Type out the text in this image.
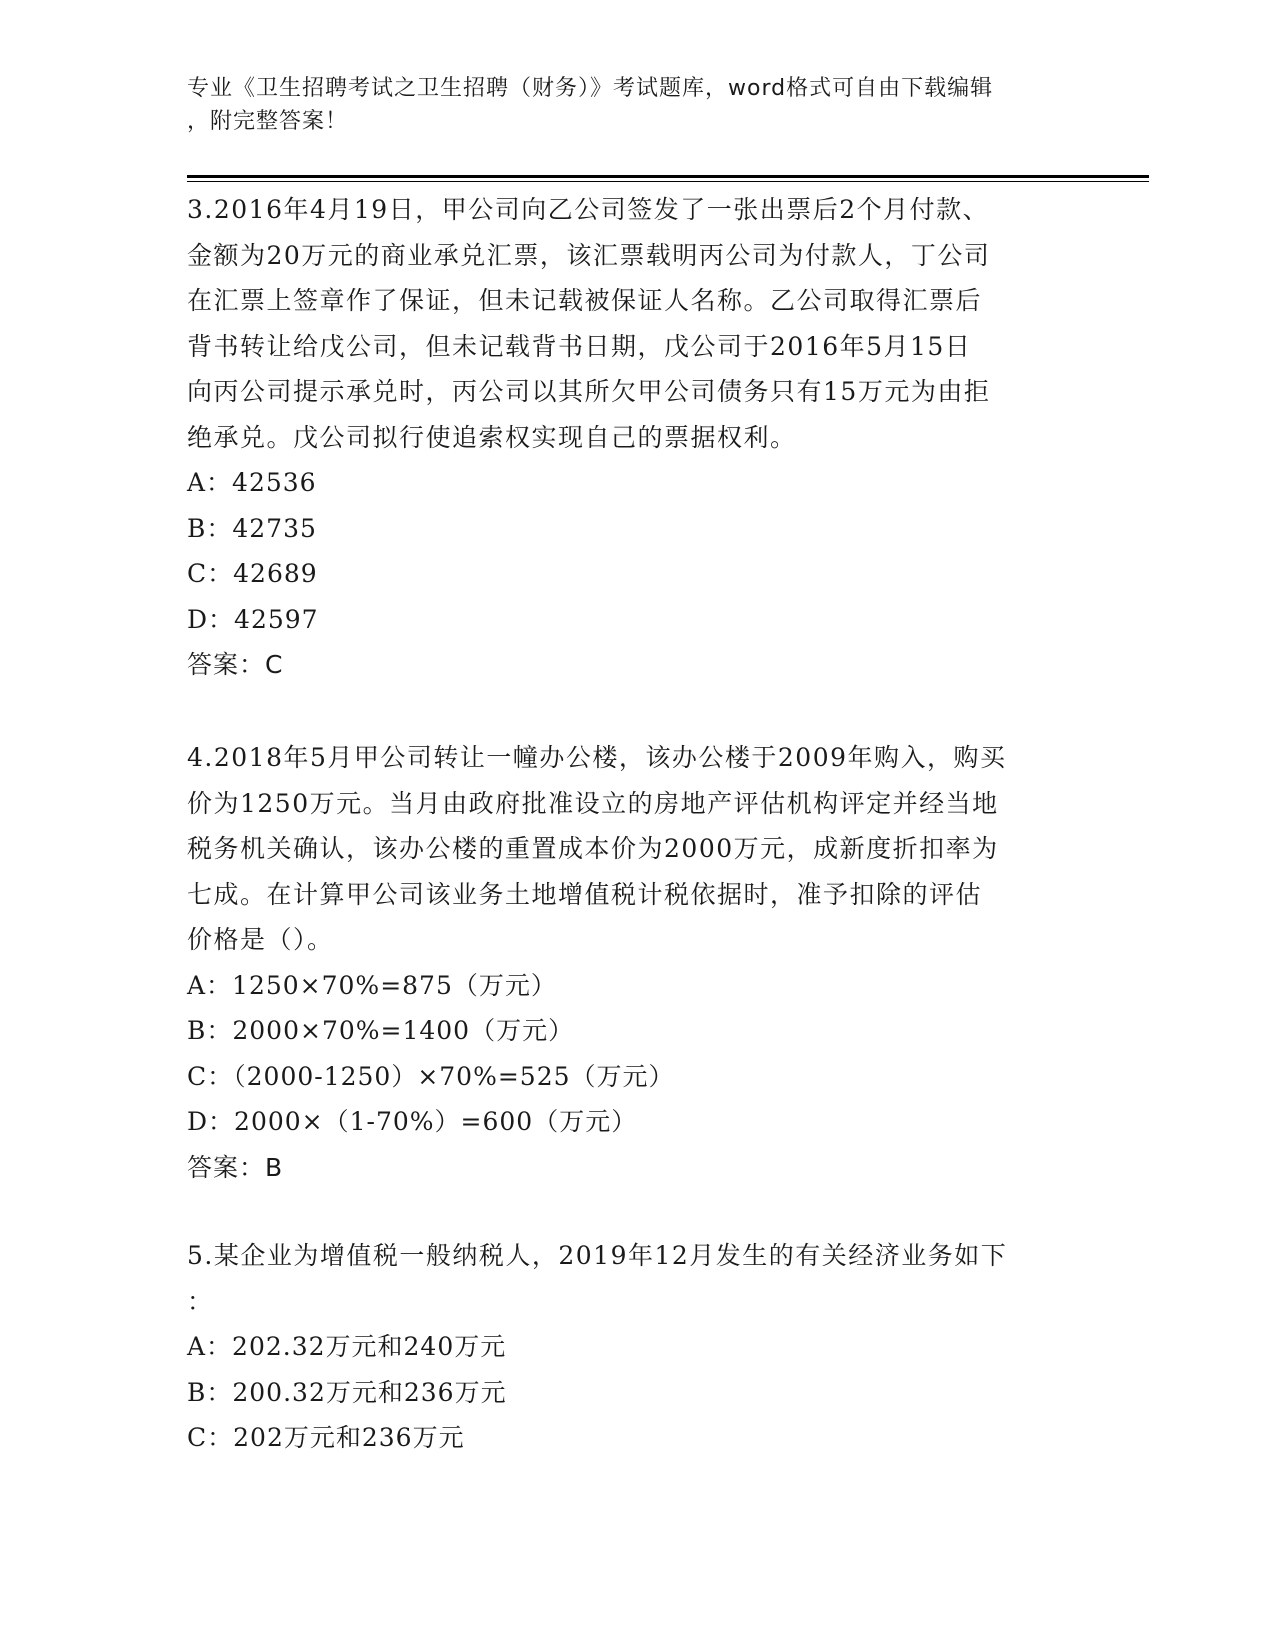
专业《卫生招聘考试之卫生招聘（财务）》考试题库，word格式可自由下载编辑
，附完整答案！
3.2016年4月19日，甲公司向乙公司签发了一张出票后2个月付款、
金额为20万元的商业承兑汇票，该汇票载明丙公司为付款人，丁公司
在汇票上签章作了保证，但未记载被保证人名称。乙公司取得汇票后
背书转让给戊公司，但未记载背书日期，戊公司于2016年5月15日
向丙公司提示承兑时，丙公司以其所欠甲公司债务只有15万元为由拒
绝承兑。戊公司拟行使追索权实现自己的票据权利。
A：42536
B：42735
C：42689
D：42597
答案：C
4.2018年5月甲公司转让一幢办公楼，该办公楼于2009年购入，购买
价为1250万元。当月由政府批准设立的房地产评估机构评定并经当地
税务机关确认，该办公楼的重置成本价为2000万元，成新度折扣率为
七成。在计算甲公司该业务土地增值税计税依据时，准予扣除的评估
价格是（）。
A：1250×70%=875（万元）
B：2000×70%=1400（万元）
C：（2000-1250）×70%=525（万元）
D：2000×（1-70%）=600（万元）
答案：B
5.某企业为增值税一般纳税人，2019年12月发生的有关经济业务如下
：
A：202.32万元和240万元
B：200.32万元和236万元
C：202万元和236万元
